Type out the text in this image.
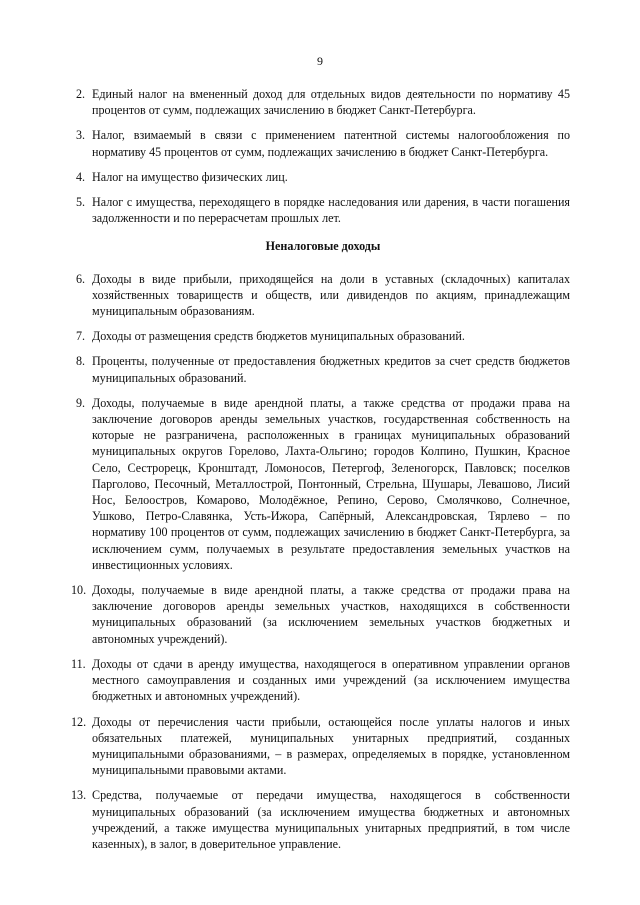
9
2. Единый налог на вмененный доход для отдельных видов деятельности по нормативу 45 процентов от сумм, подлежащих зачислению в бюджет Санкт-Петербурга.
3. Налог, взимаемый в связи с применением патентной системы налогообложения по нормативу 45 процентов от сумм, подлежащих зачислению в бюджет Санкт-Петербурга.
4. Налог на имущество физических лиц.
5. Налог с имущества, переходящего в порядке наследования или дарения, в части погашения задолженности и по перерасчетам прошлых лет.
Неналоговые доходы
6. Доходы в виде прибыли, приходящейся на доли в уставных (складочных) капиталах хозяйственных товариществ и обществ, или дивидендов по акциям, принадлежащим муниципальным образованиям.
7. Доходы от размещения средств бюджетов муниципальных образований.
8. Проценты, полученные от предоставления бюджетных кредитов за счет средств бюджетов муниципальных образований.
9. Доходы, получаемые в виде арендной платы, а также средства от продажи права на заключение договоров аренды земельных участков, государственная собственность на которые не разграничена, расположенных в границах муниципальных образований муниципальных округов Горелово, Лахта-Ольгино; городов Колпино, Пушкин, Красное Село, Сестрорецк, Кронштадт, Ломоносов, Петергоф, Зеленогорск, Павловск; поселков Парголово, Песочный, Металлострой, Понтонный, Стрельна, Шушары, Левашово, Лисий Нос, Белоостров, Комарово, Молодёжное, Репино, Серово, Смолячково, Солнечное, Ушково, Петро-Славянка, Усть-Ижора, Сапёрный, Александровская, Тярлево – по нормативу 100 процентов от сумм, подлежащих зачислению в бюджет Санкт-Петербурга, за исключением сумм, получаемых в результате предоставления земельных участков на инвестиционных условиях.
10. Доходы, получаемые в виде арендной платы, а также средства от продажи права на заключение договоров аренды земельных участков, находящихся в собственности муниципальных образований (за исключением земельных участков бюджетных и автономных учреждений).
11. Доходы от сдачи в аренду имущества, находящегося в оперативном управлении органов местного самоуправления и созданных ими учреждений (за исключением имущества бюджетных и автономных учреждений).
12. Доходы от перечисления части прибыли, остающейся после уплаты налогов и иных обязательных платежей, муниципальных унитарных предприятий, созданных муниципальными образованиями, – в размерах, определяемых в порядке, установленном муниципальными правовыми актами.
13. Средства, получаемые от передачи имущества, находящегося в собственности муниципальных образований (за исключением имущества бюджетных и автономных учреждений, а также имущества муниципальных унитарных предприятий, в том числе казенных), в залог, в доверительное управление.
